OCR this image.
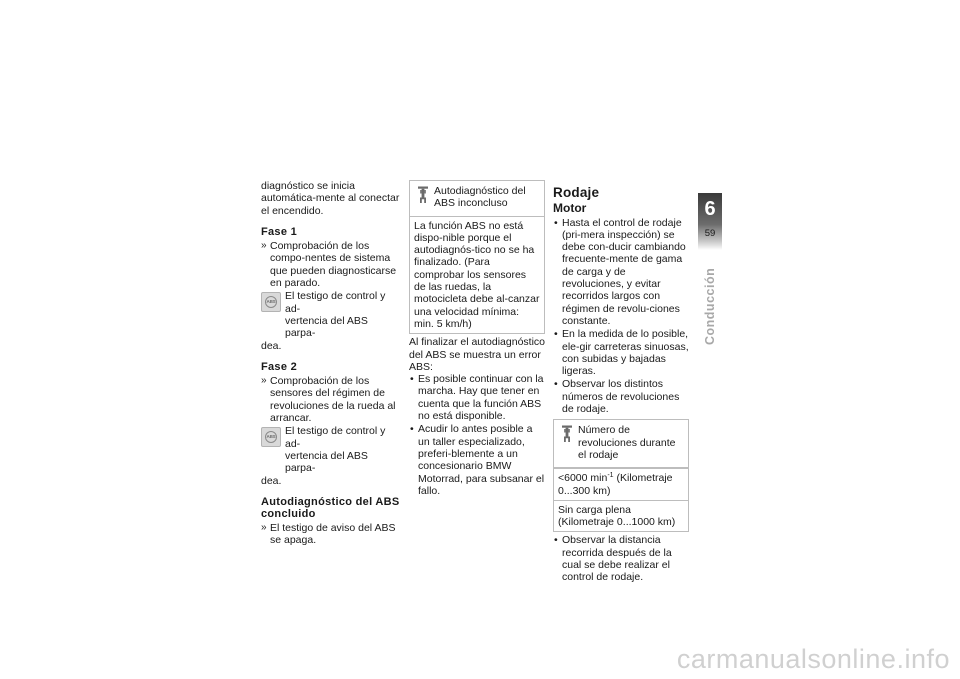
diagnóstico se inicia automática-mente al conectar el encendido.

Fase 1
» Comprobación de los compo-nentes de sistema que pueden diagnosticarse en parado.
ABS El testigo de control y ad-

vertencia del ABS parpa-

dea.

Fase 2
» Comprobación de los sensores del régimen de revoluciones de la rueda al arrancar.
ABS El testigo de control y ad-

vertencia del ABS parpa-

dea.

Autodiagnóstico del ABS concluido
» El testigo de aviso del ABS se apaga.
Autodiagnóstico del ABS inconcluso
La función ABS no está dispo-nible porque el autodiagnós-tico no se ha finalizado. (Para comprobar los sensores de las ruedas, la motocicleta debe al-canzar una velocidad mínima: min. 5 km/h)

Al finalizar el autodiagnóstico del ABS se muestra un error ABS:

• Es posible continuar con la marcha. Hay que tener en cuenta que la función ABS no está disponible.
• Acudir lo antes posible a un taller especializado, preferi-blemente a un concesionario BMW Motorrad, para subsanar el fallo.
Rodaje
Motor
• Hasta el control de rodaje (pri-mera inspección) se debe con-ducir cambiando frecuente-mente de gama de carga y de revoluciones, y evitar recorridos largos con régimen de revolu-ciones constante.
• En la medida de lo posible, ele-gir carreteras sinuosas, con subidas y bajadas ligeras.
• Observar los distintos números de revoluciones de rodaje.
Número de revoluciones durante el rodaje
<6000 $\min^{-1}$ (Kilometraje 0...300 km)
Sin carga plena (Kilometraje 0...1000 km)
• Observar la distancia recorrida después de la cual se debe realizar el control de rodaje.
6
59
Conducción
carmanualsonline.info
